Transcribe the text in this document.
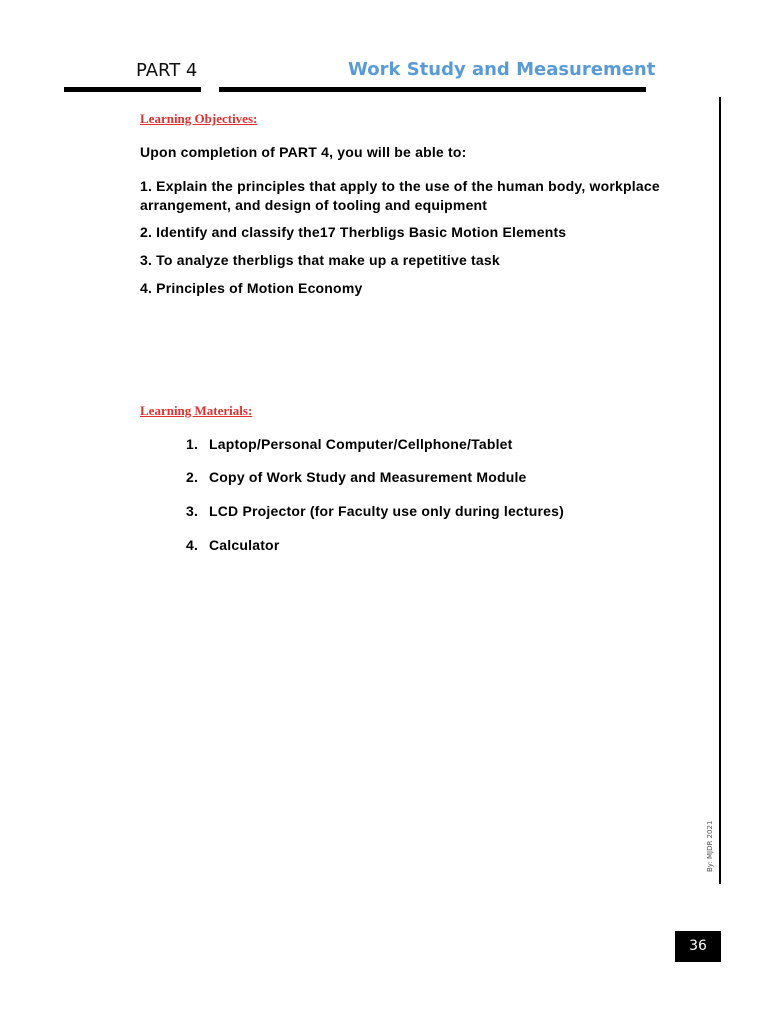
PART 4	Work Study and Measurement
By: MJDR 2021
Learning Objectives:
Upon completion of PART 4, you will be able to:
1. Explain the principles that apply to the use of the human body, workplace arrangement, and design of tooling and equipment
2. Identify and classify the17 Therbligs Basic Motion Elements
3. To analyze therbligs that make up a repetitive task
4. Principles of Motion Economy
Learning Materials:
1. Laptop/Personal Computer/Cellphone/Tablet
2. Copy of Work Study and Measurement Module
3. LCD Projector (for Faculty use only during lectures)
4. Calculator
36
